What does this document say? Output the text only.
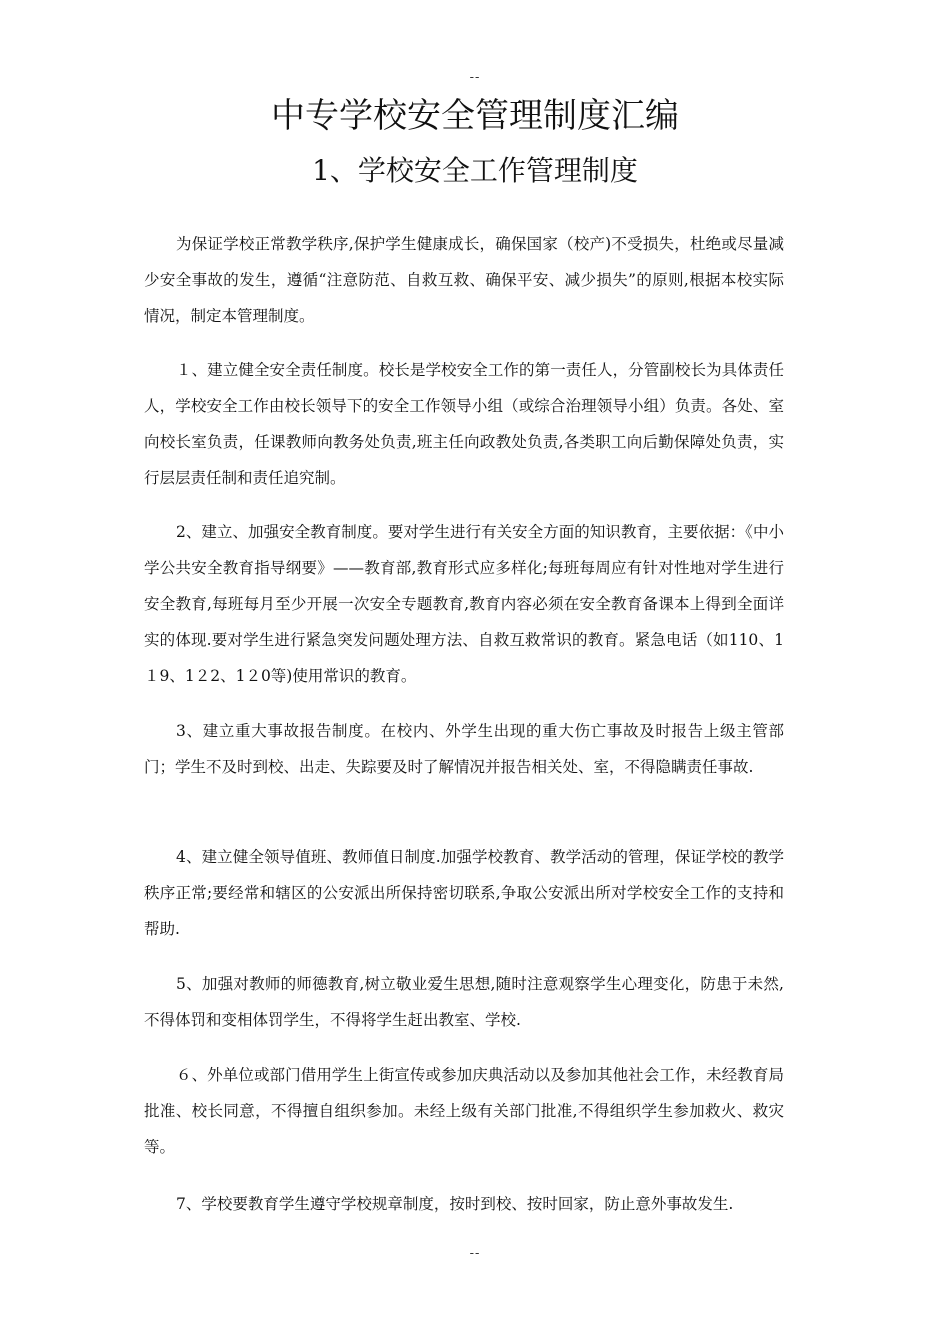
--
中专学校安全管理制度汇编
1、学校安全工作管理制度

为保证学校正常教学秩序,保护学生健康成长，确保国家（校产)不受损失，杜绝或尽量减少安全事故的发生，遵循“注意防范、自救互救、确保平安、减少损失”的原则,根据本校实际情况，制定本管理制度。

１、建立健全安全责任制度。校长是学校安全工作的第一责任人，分管副校长为具体责任人，学校安全工作由校长领导下的安全工作领导小组（或综合治理领导小组）负责。各处、室向校长室负责，任课教师向教务处负责,班主任向政教处负责,各类职工向后勤保障处负责，实行层层责任制和责任追究制。

2、建立、加强安全教育制度。要对学生进行有关安全方面的知识教育，主要依据：《中小学公共安全教育指导纲要》——教育部,教育形式应多样化;每班每周应有针对性地对学生进行安全教育,每班每月至少开展一次安全专题教育,教育内容必须在安全教育备课本上得到全面详实的体现.要对学生进行紧急突发问题处理方法、自救互救常识的教育。紧急电话（如110、1１9、1２2、1２0等)使用常识的教育。

3、建立重大事故报告制度。在校内、外学生出现的重大伤亡事故及时报告上级主管部门；学生不及时到校、出走、失踪要及时了解情况并报告相关处、室，不得隐瞒责任事故.

4、建立健全领导值班、教师值日制度.加强学校教育、教学活动的管理，保证学校的教学秩序正常;要经常和辖区的公安派出所保持密切联系,争取公安派出所对学校安全工作的支持和帮助.

5、加强对教师的师德教育,树立敬业爱生思想,随时注意观察学生心理变化，防患于未然,不得体罚和变相体罚学生，不得将学生赶出教室、学校.

６、外单位或部门借用学生上街宣传或参加庆典活动以及参加其他社会工作，未经教育局批准、校长同意，不得擅自组织参加。未经上级有关部门批准,不得组织学生参加救火、救灾等。

7、学校要教育学生遵守学校规章制度，按时到校、按时回家，防止意外事故发生.

--
